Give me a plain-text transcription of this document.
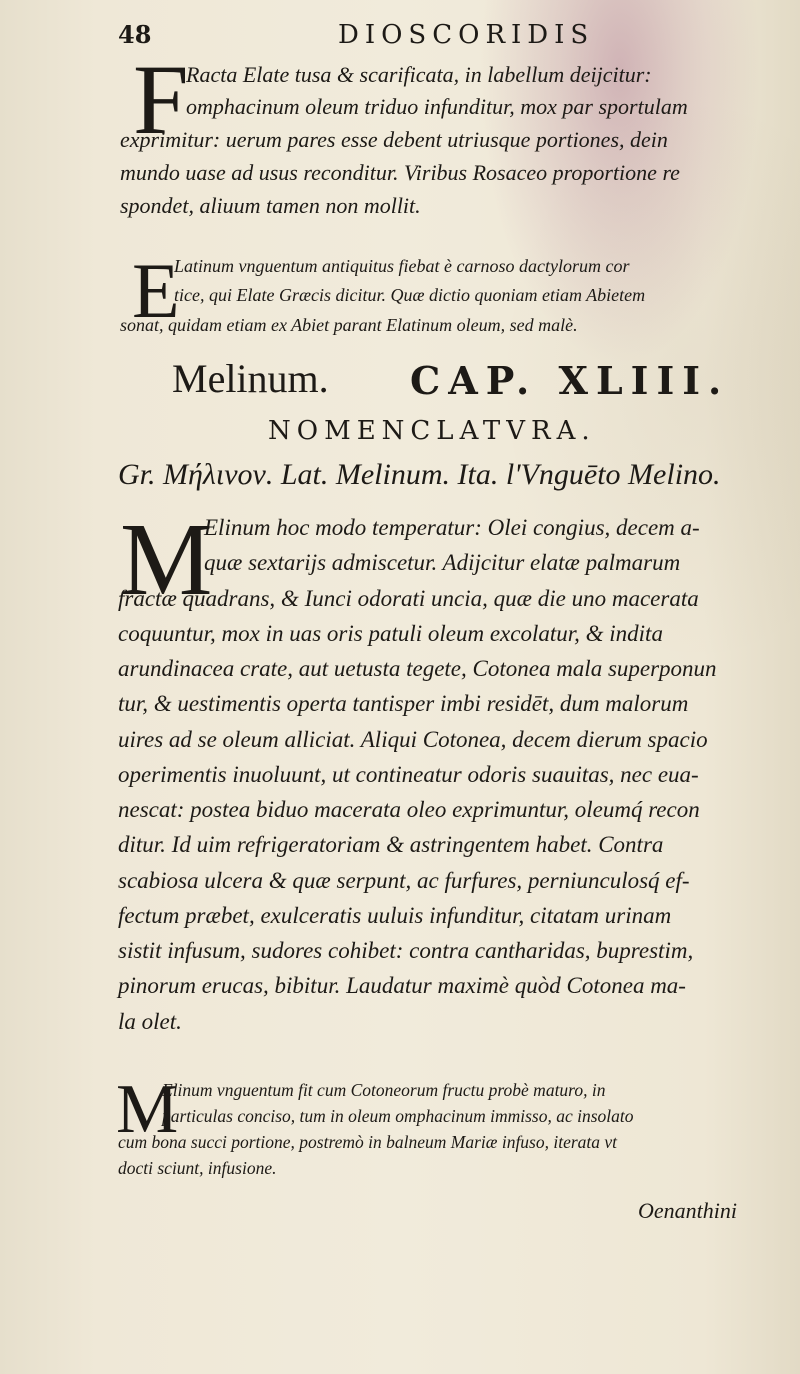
48	DIOSCORIDIS
F
Racta Elate tusa & scarificata, in labellum deijcitur:
omphacinum oleum triduo infunditur, mox par sportulam
exprimitur: uerum pares esse debent utriusque portiones, dein
mundo uase ad usus reconditur. Viribus Rosaceo proportione re
spondet, aliuum tamen non mollit.
E
Latinum vnguentum antiquitus fiebat è carnoso dactylorum cor
tice, qui Elate Græcis dicitur. Quæ dictio quoniam etiam Abietem
sonat, quidam etiam ex Abiet parant Elatinum oleum, sed malè.
Melinum. CAP. XLIII.
NOMENCLATVRA.
Gr. Μήλινον. Lat. Melinum. Ita. l'Vnguēto Melino.
M
Elinum hoc modo temperatur: Olei congius, decem a-
quæ sextarijs admiscetur. Adijcitur elatæ palmarum
fractæ quadrans, & Iunci odorati uncia, quæ die uno macerata
coquuntur, mox in uas oris patuli oleum excolatur, & indita
arundinacea crate, aut uetusta tegete, Cotonea mala superponun
tur, & uestimentis operta tantisper imbi residēt, dum malorum
uires ad se oleum alliciat. Aliqui Cotonea, decem dierum spacio
operimentis inuoluunt, ut contineatur odoris suauitas, nec eua-
nescat: postea biduo macerata oleo exprimuntur, oleumq́ recon
ditur. Id uim refrigeratoriam & astringentem habet. Contra
scabiosa ulcera & quæ serpunt, ac furfures, perniunculosq́ ef-
fectum præbet, exulceratis uuluis infunditur, citatam urinam
sistit infusum, sudores cohibet: contra cantharidas, buprestim,
pinorum erucas, bibitur. Laudatur maximè quòd Cotonea ma-
la olet.
M
Elinum vnguentum fit cum Cotoneorum fructu probè maturo, in
particulas conciso, tum in oleum omphacinum immisso, ac insolato
cum bona succi portione, postremò in balneum Mariæ infuso, iterata vt
docti sciunt, infusione.
Oenanthini
